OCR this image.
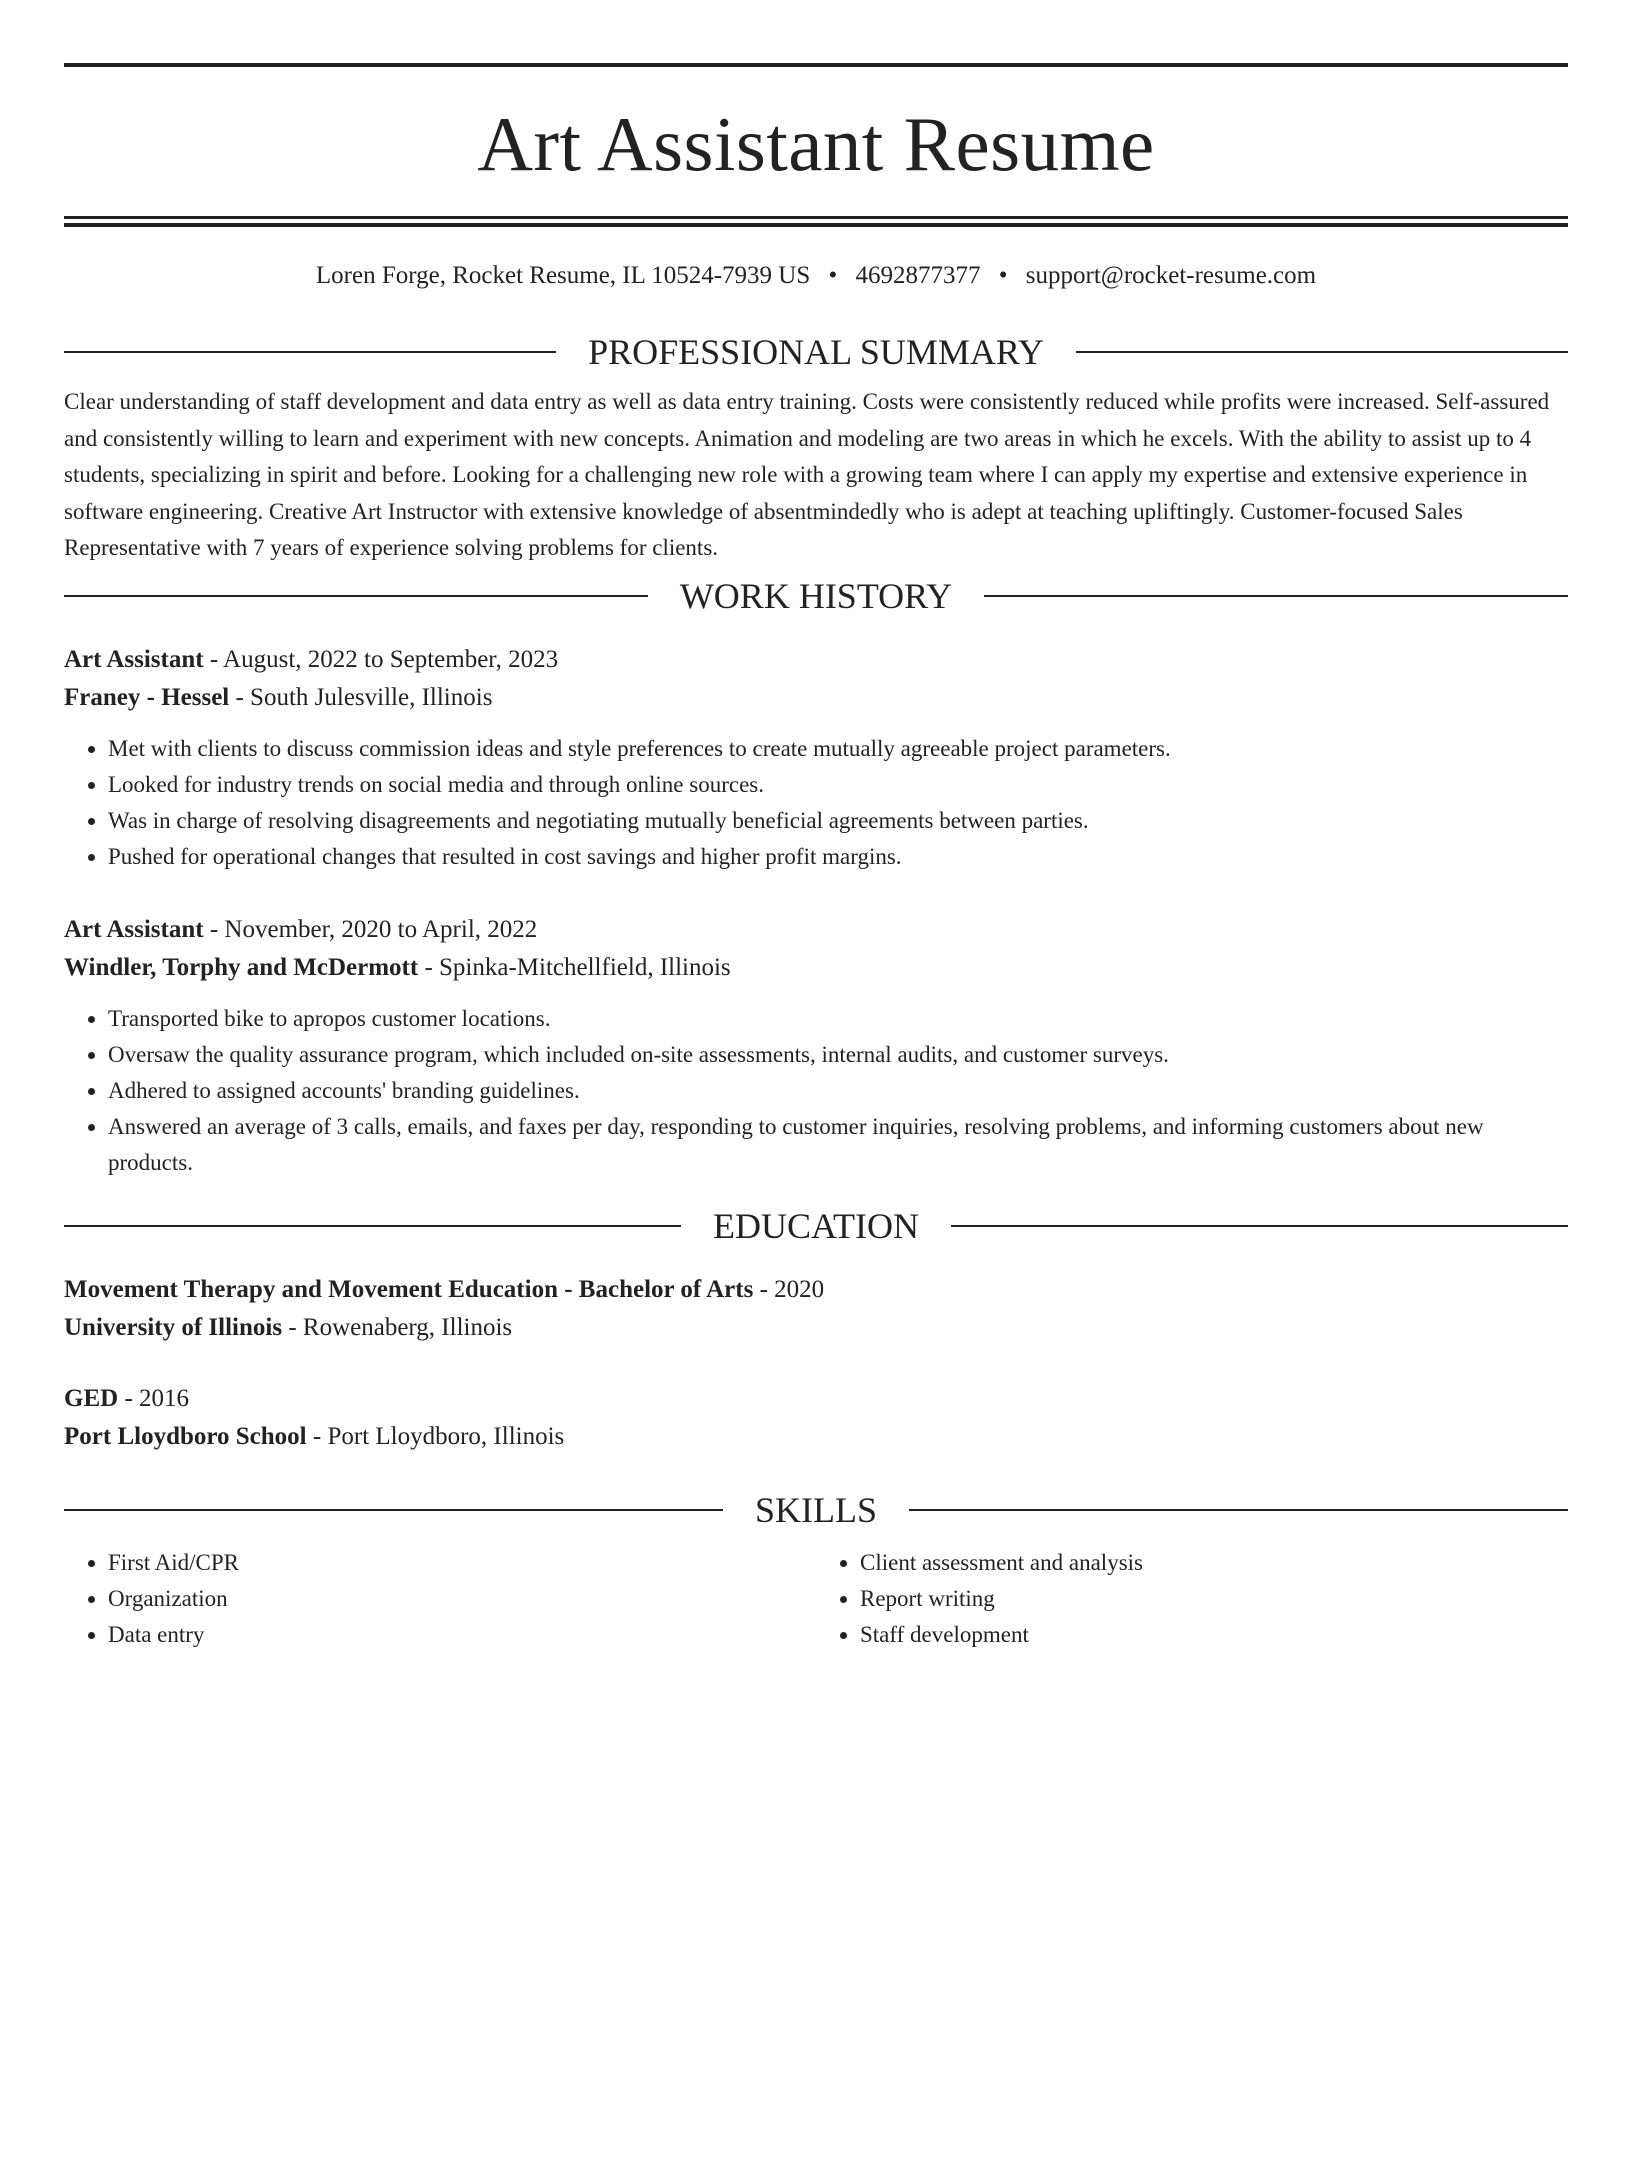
Art Assistant Resume
Loren Forge, Rocket Resume, IL 10524-7939 US • 4692877377 • support@rocket-resume.com
PROFESSIONAL SUMMARY
Clear understanding of staff development and data entry as well as data entry training. Costs were consistently reduced while profits were increased. Self-assured and consistently willing to learn and experiment with new concepts. Animation and modeling are two areas in which he excels. With the ability to assist up to 4 students, specializing in spirit and before. Looking for a challenging new role with a growing team where I can apply my expertise and extensive experience in software engineering. Creative Art Instructor with extensive knowledge of absentmindedly who is adept at teaching upliftingly. Customer-focused Sales Representative with 7 years of experience solving problems for clients.
WORK HISTORY
Art Assistant - August, 2022 to September, 2023
Franey - Hessel - South Julesville, Illinois
• Met with clients to discuss commission ideas and style preferences to create mutually agreeable project parameters.
• Looked for industry trends on social media and through online sources.
• Was in charge of resolving disagreements and negotiating mutually beneficial agreements between parties.
• Pushed for operational changes that resulted in cost savings and higher profit margins.
Art Assistant - November, 2020 to April, 2022
Windler, Torphy and McDermott - Spinka-Mitchellfield, Illinois
• Transported bike to apropos customer locations.
• Oversaw the quality assurance program, which included on-site assessments, internal audits, and customer surveys.
• Adhered to assigned accounts' branding guidelines.
• Answered an average of 3 calls, emails, and faxes per day, responding to customer inquiries, resolving problems, and informing customers about new products.
EDUCATION
Movement Therapy and Movement Education - Bachelor of Arts - 2020
University of Illinois - Rowenaberg, Illinois
GED - 2016
Port Lloydboro School - Port Lloydboro, Illinois
SKILLS
• First Aid/CPR
• Organization
• Data entry
• Client assessment and analysis
• Report writing
• Staff development
